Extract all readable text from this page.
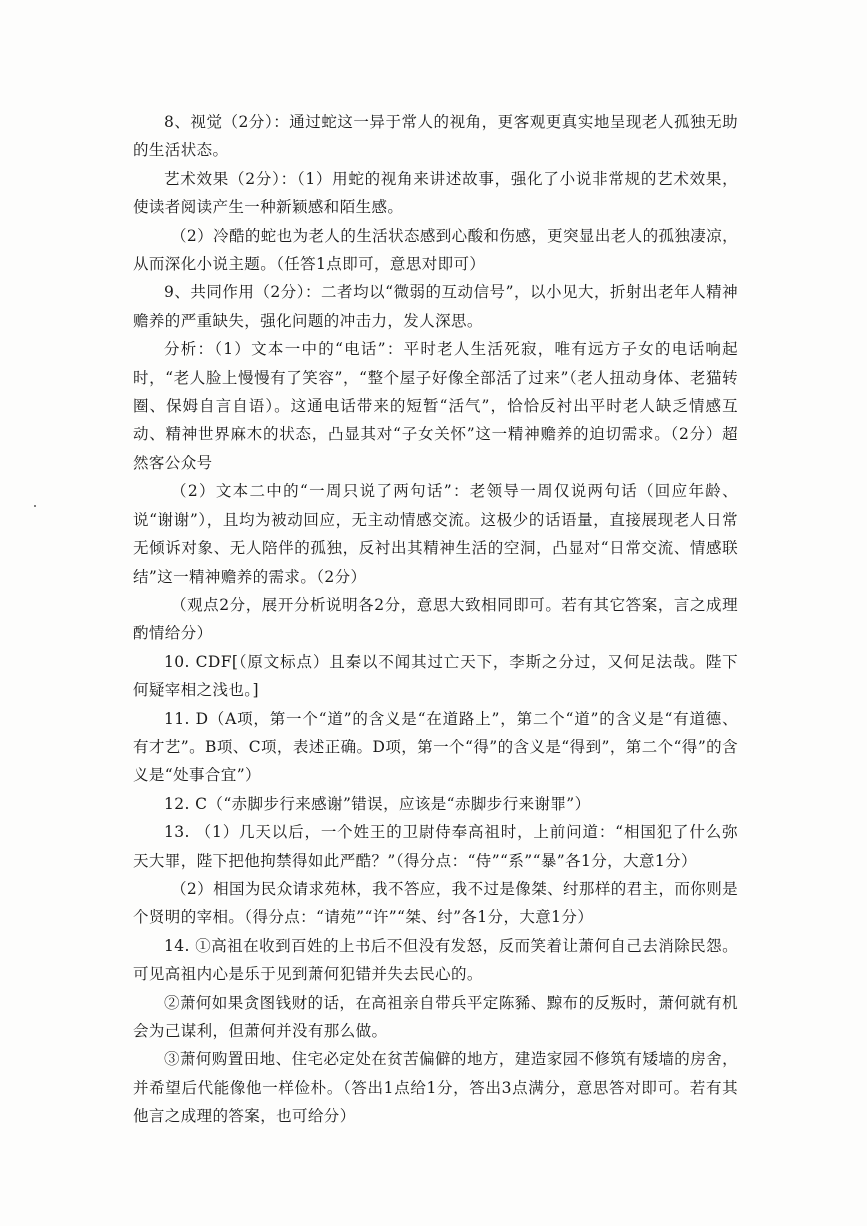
8、视觉（2分）：通过蛇这一异于常人的视角，更客观更真实地呈现老人孤独无助的生活状态。

艺术效果（2分）：（1）用蛇的视角来讲述故事，强化了小说非常规的艺术效果，使读者阅读产生一种新颖感和陌生感。

（2）冷酷的蛇也为老人的生活状态感到心酸和伤感，更突显出老人的孤独凄凉，从而深化小说主题。（任答1点即可，意思对即可）

9、共同作用（2分）：二者均以“微弱的互动信号”，以小见大，折射出老年人精神赡养的严重缺失，强化问题的冲击力，发人深思。

分析：（1）文本一中的“电话”：平时老人生活死寂，唯有远方子女的电话响起时，“老人脸上慢慢有了笑容”，“整个屋子好像全部活了过来”（老人扭动身体、老猫转圈、保姆自言自语）。这通电话带来的短暂“活气”，恰恰反衬出平时老人缺乏情感互动、精神世界麻木的状态，凸显其对“子女关怀”这一精神赡养的迫切需求。（2分）超然客公众号

（2）文本二中的“一周只说了两句话”：老领导一周仅说两句话（回应年龄、说“谢谢”），且均为被动回应，无主动情感交流。这极少的话语量，直接展现老人日常无倾诉对象、无人陪伴的孤独，反衬出其精神生活的空洞，凸显对“日常交流、情感联结”这一精神赡养的需求。（2分）

（观点2分，展开分析说明各2分，意思大致相同即可。若有其它答案，言之成理酌情给分）

10. CDF[（原文标点）且秦以不闻其过亡天下，李斯之分过，又何足法哉。陛下何疑宰相之浅也。]

11. D（A项，第一个“道”的含义是“在道路上”，第二个“道”的含义是“有道德、有才艺”。B项、C项，表述正确。D项，第一个“得”的含义是“得到”，第二个“得”的含义是“处事合宜”）

12. C（“赤脚步行来感谢”错误，应该是“赤脚步行来谢罪”）

13. （1）几天以后，一个姓王的卫尉侍奉高祖时，上前问道：“相国犯了什么弥天大罪，陛下把他拘禁得如此严酷？”（得分点：“侍”“系”“暴”各1分，大意1分）

（2）相国为民众请求苑林，我不答应，我不过是像桀、纣那样的君主，而你则是个贤明的宰相。（得分点：“请苑”“许”“桀、纣”各1分，大意1分）

14. ①高祖在收到百姓的上书后不但没有发怒，反而笑着让萧何自己去消除民怨。可见高祖内心是乐于见到萧何犯错并失去民心的。

②萧何如果贪图钱财的话，在高祖亲自带兵平定陈豨、黥布的反叛时，萧何就有机会为己谋利，但萧何并没有那么做。

③萧何购置田地、住宅必定处在贫苦偏僻的地方，建造家园不修筑有矮墙的房舍，并希望后代能像他一样俭朴。（答出1点给1分，答出3点满分，意思答对即可。若有其他言之成理的答案，也可给分）
